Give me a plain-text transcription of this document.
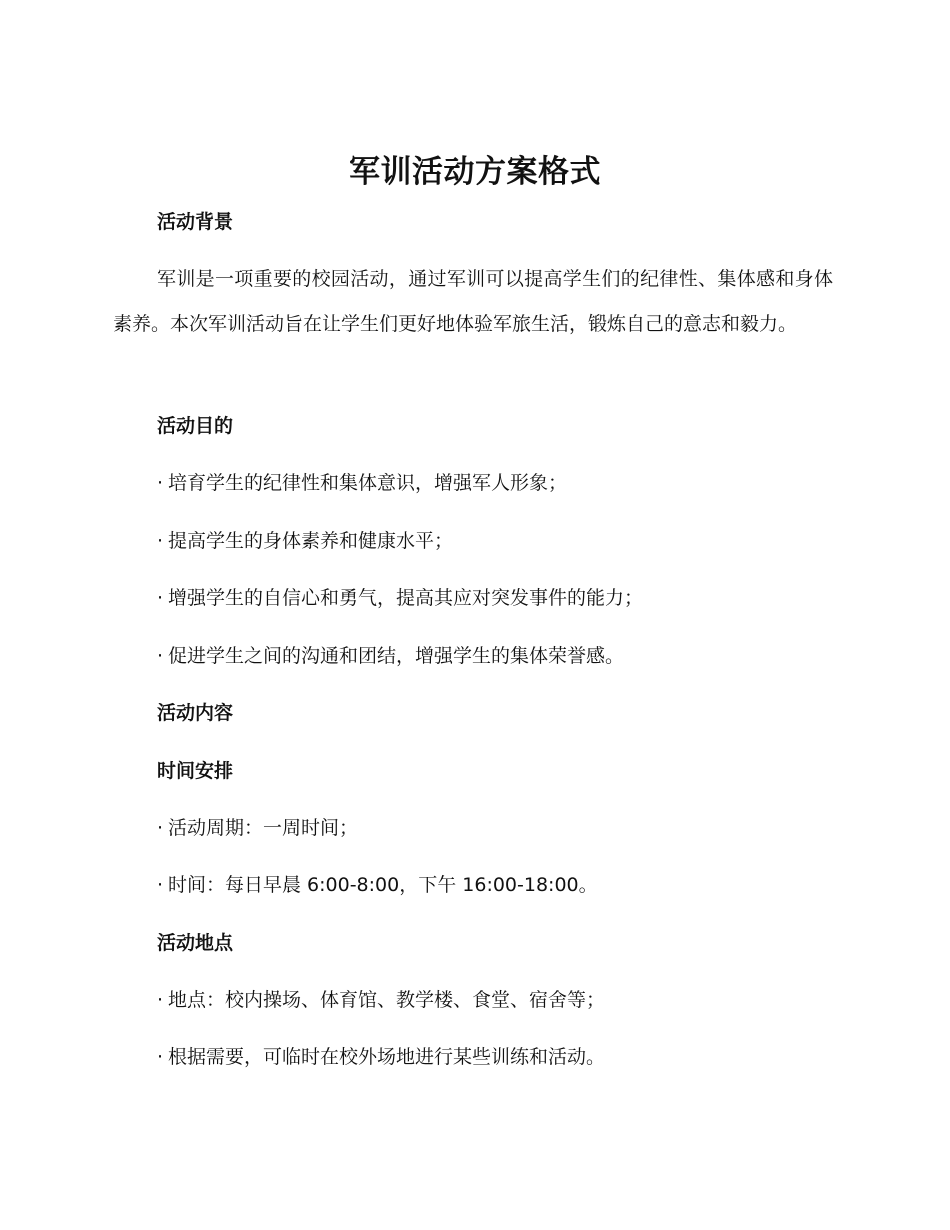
军训活动方案格式
活动背景
军训是一项重要的校园活动，通过军训可以提高学生们的纪律性、集体感和身体素养。本次军训活动旨在让学生们更好地体验军旅生活，锻炼自己的意志和毅力。
活动目的
· 培育学生的纪律性和集体意识，增强军人形象；
· 提高学生的身体素养和健康水平；
· 增强学生的自信心和勇气，提高其应对突发事件的能力；
· 促进学生之间的沟通和团结，增强学生的集体荣誉感。
活动内容
时间安排
· 活动周期：一周时间；
· 时间：每日早晨 6:00-8:00，下午 16:00-18:00。
活动地点
· 地点：校内操场、体育馆、教学楼、食堂、宿舍等；
· 根据需要，可临时在校外场地进行某些训练和活动。
